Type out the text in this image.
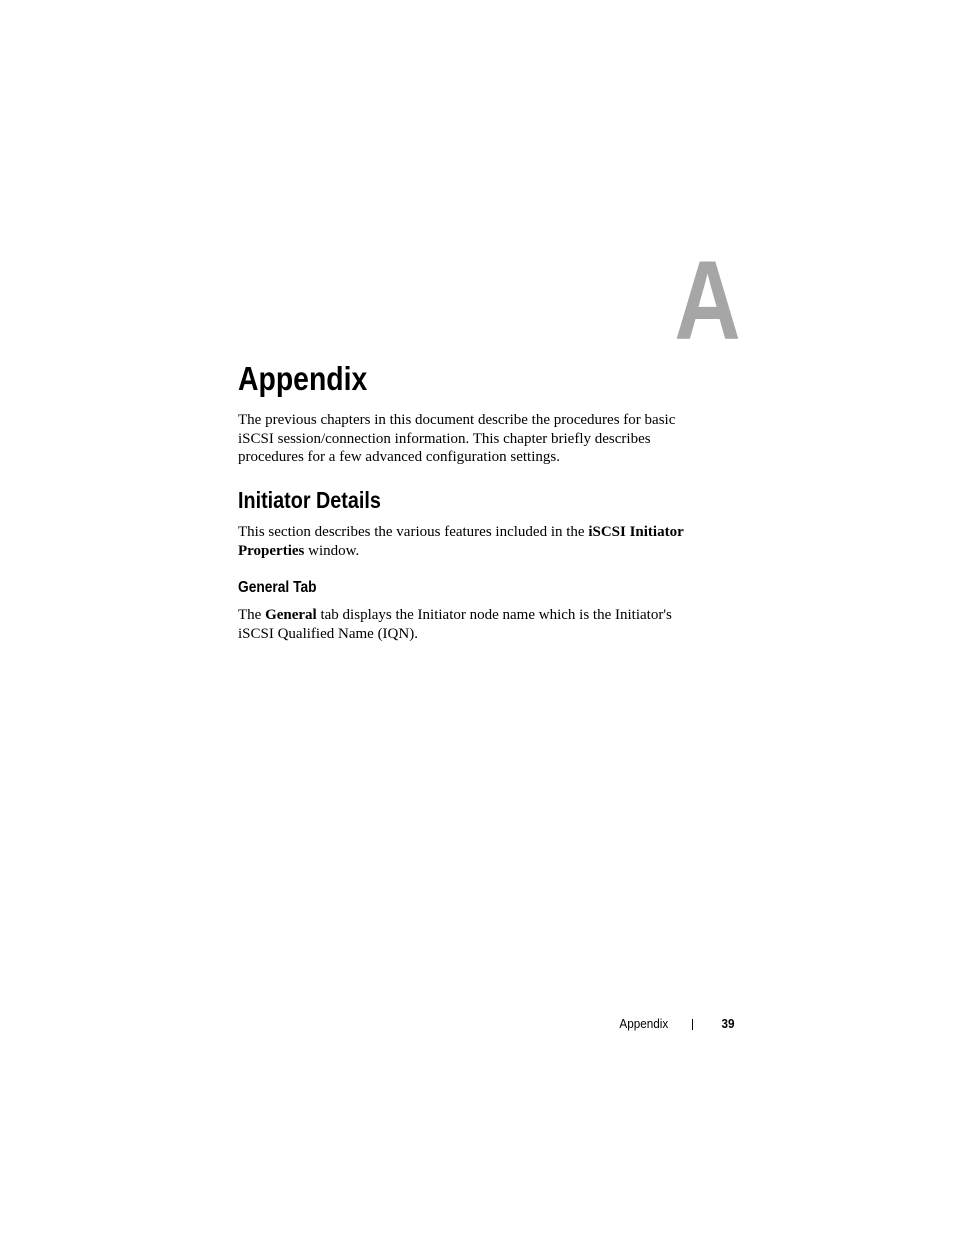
A
Appendix

The previous chapters in this document describe the procedures for basic
iSCSI session/connection information. This chapter briefly describes
procedures for a few advanced configuration settings.

Initiator Details

This section describes the various features included in the iSCSI Initiator
Properties window.

General Tab

The General tab displays the Initiator node name which is the Initiator's
iSCSI Qualified Name (IQN).

Appendix	39
